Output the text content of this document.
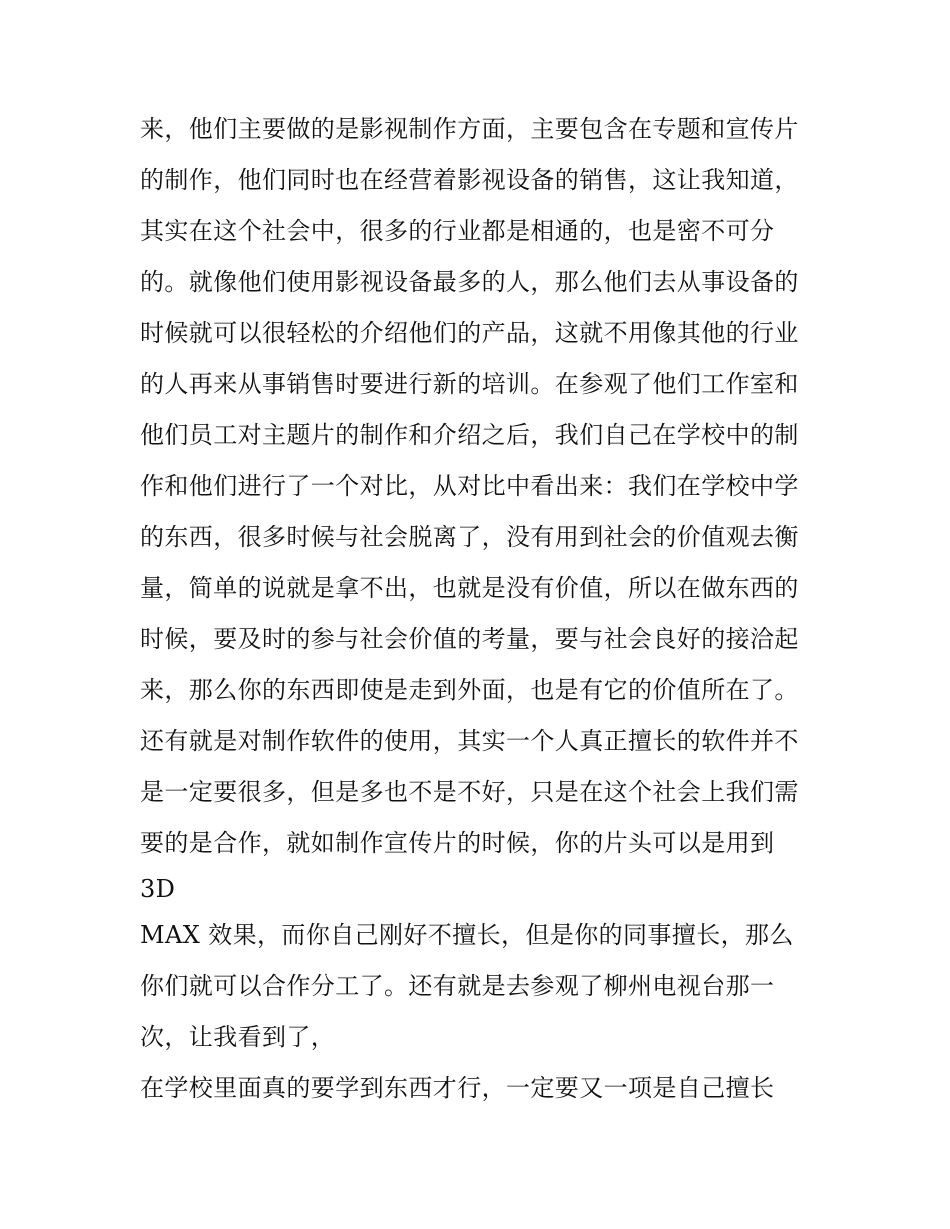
来，他们主要做的是影视制作方面，主要包含在专题和宣传片
的制作，他们同时也在经营着影视设备的销售，这让我知道，
其实在这个社会中，很多的行业都是相通的，也是密不可分
的。就像他们使用影视设备最多的人，那么他们去从事设备的
时候就可以很轻松的介绍他们的产品，这就不用像其他的行业
的人再来从事销售时要进行新的培训。在参观了他们工作室和
他们员工对主题片的制作和介绍之后，我们自己在学校中的制
作和他们进行了一个对比，从对比中看出来：我们在学校中学
的东西，很多时候与社会脱离了，没有用到社会的价值观去衡
量，简单的说就是拿不出，也就是没有价值，所以在做东西的
时候，要及时的参与社会价值的考量，要与社会良好的接洽起
来，那么你的东西即使是走到外面，也是有它的价值所在了。
还有就是对制作软件的使用，其实一个人真正擅长的软件并不
是一定要很多，但是多也不是不好，只是在这个社会上我们需
要的是合作，就如制作宣传片的时候，你的片头可以是用到
3D
MAX 效果，而你自己刚好不擅长，但是你的同事擅长，那么
你们就可以合作分工了。还有就是去参观了柳州电视台那一
次，让我看到了，
在学校里面真的要学到东西才行，一定要又一项是自己擅长
